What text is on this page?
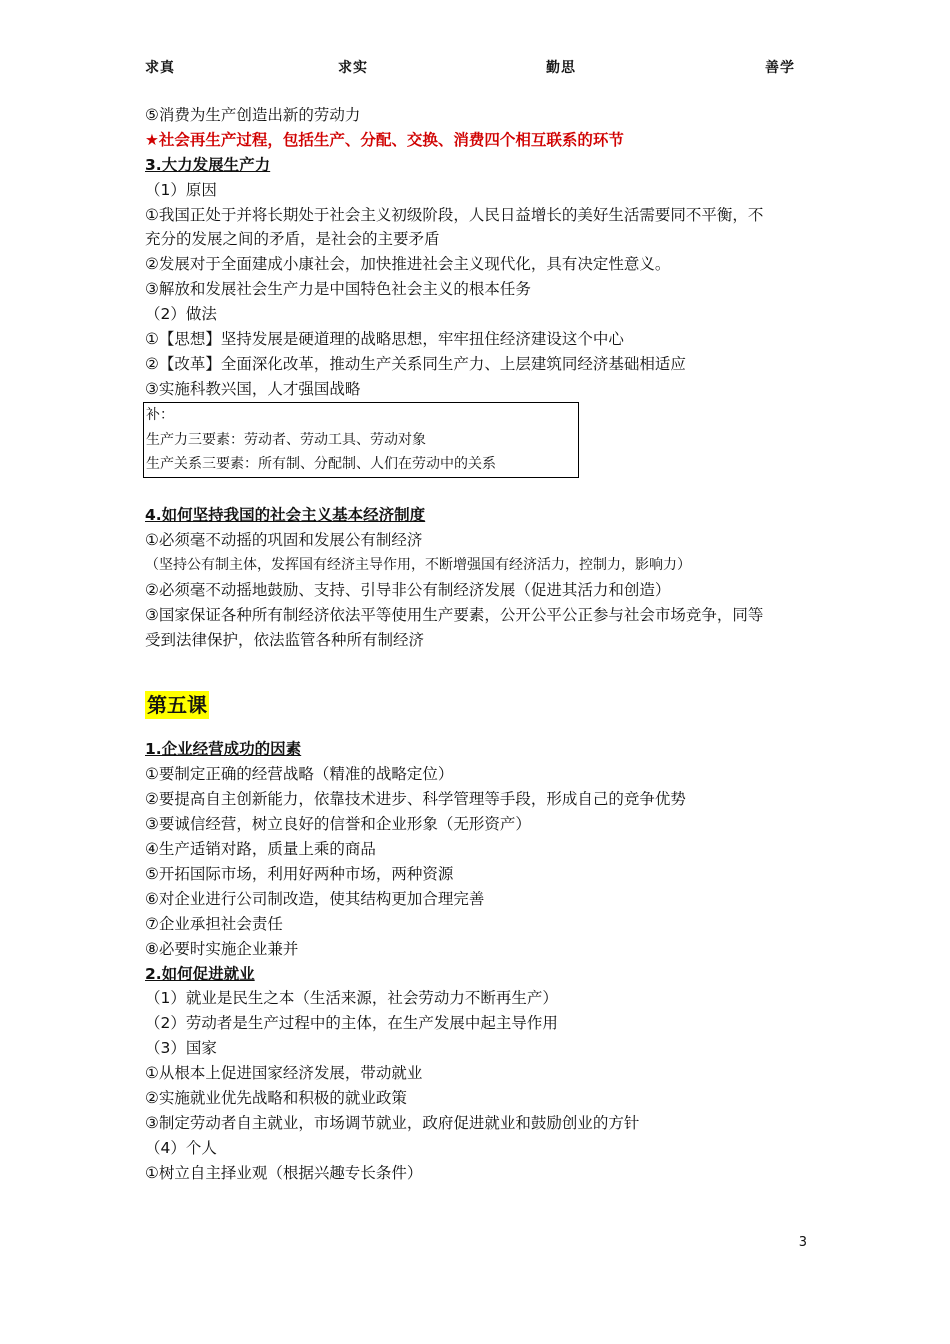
求真	求实	勤思	善学
⑤消费为生产创造出新的劳动力
★社会再生产过程，包括生产、分配、交换、消费四个相互联系的环节
3.大力发展生产力
（1）原因
①我国正处于并将长期处于社会主义初级阶段，人民日益增长的美好生活需要同不平衡，不
充分的发展之间的矛盾，是社会的主要矛盾
②发展对于全面建成小康社会，加快推进社会主义现代化，具有决定性意义。
③解放和发展社会生产力是中国特色社会主义的根本任务
（2）做法
①【思想】坚持发展是硬道理的战略思想，牢牢扭住经济建设这个中心
②【改革】全面深化改革，推动生产关系同生产力、上层建筑同经济基础相适应
③实施科教兴国，人才强国战略
补：
生产力三要素：劳动者、劳动工具、劳动对象
生产关系三要素：所有制、分配制、人们在劳动中的关系
4.如何坚持我国的社会主义基本经济制度
①必须毫不动摇的巩固和发展公有制经济
（坚持公有制主体，发挥国有经济主导作用，不断增强国有经济活力，控制力，影响力）
②必须毫不动摇地鼓励、支持、引导非公有制经济发展（促进其活力和创造）
③国家保证各种所有制经济依法平等使用生产要素，公开公平公正参与社会市场竞争，同等
受到法律保护，依法监管各种所有制经济
第五课
1.企业经营成功的因素
①要制定正确的经营战略（精准的战略定位）
②要提高自主创新能力，依靠技术进步、科学管理等手段，形成自己的竞争优势
③要诚信经营，树立良好的信誉和企业形象（无形资产）
④生产适销对路，质量上乘的商品
⑤开拓国际市场，利用好两种市场，两种资源
⑥对企业进行公司制改造，使其结构更加合理完善
⑦企业承担社会责任
⑧必要时实施企业兼并
2.如何促进就业
（1）就业是民生之本（生活来源，社会劳动力不断再生产）
（2）劳动者是生产过程中的主体，在生产发展中起主导作用
（3）国家
①从根本上促进国家经济发展，带动就业
②实施就业优先战略和积极的就业政策
③制定劳动者自主就业，市场调节就业，政府促进就业和鼓励创业的方针
（4）个人
①树立自主择业观（根据兴趣专长条件）
3
